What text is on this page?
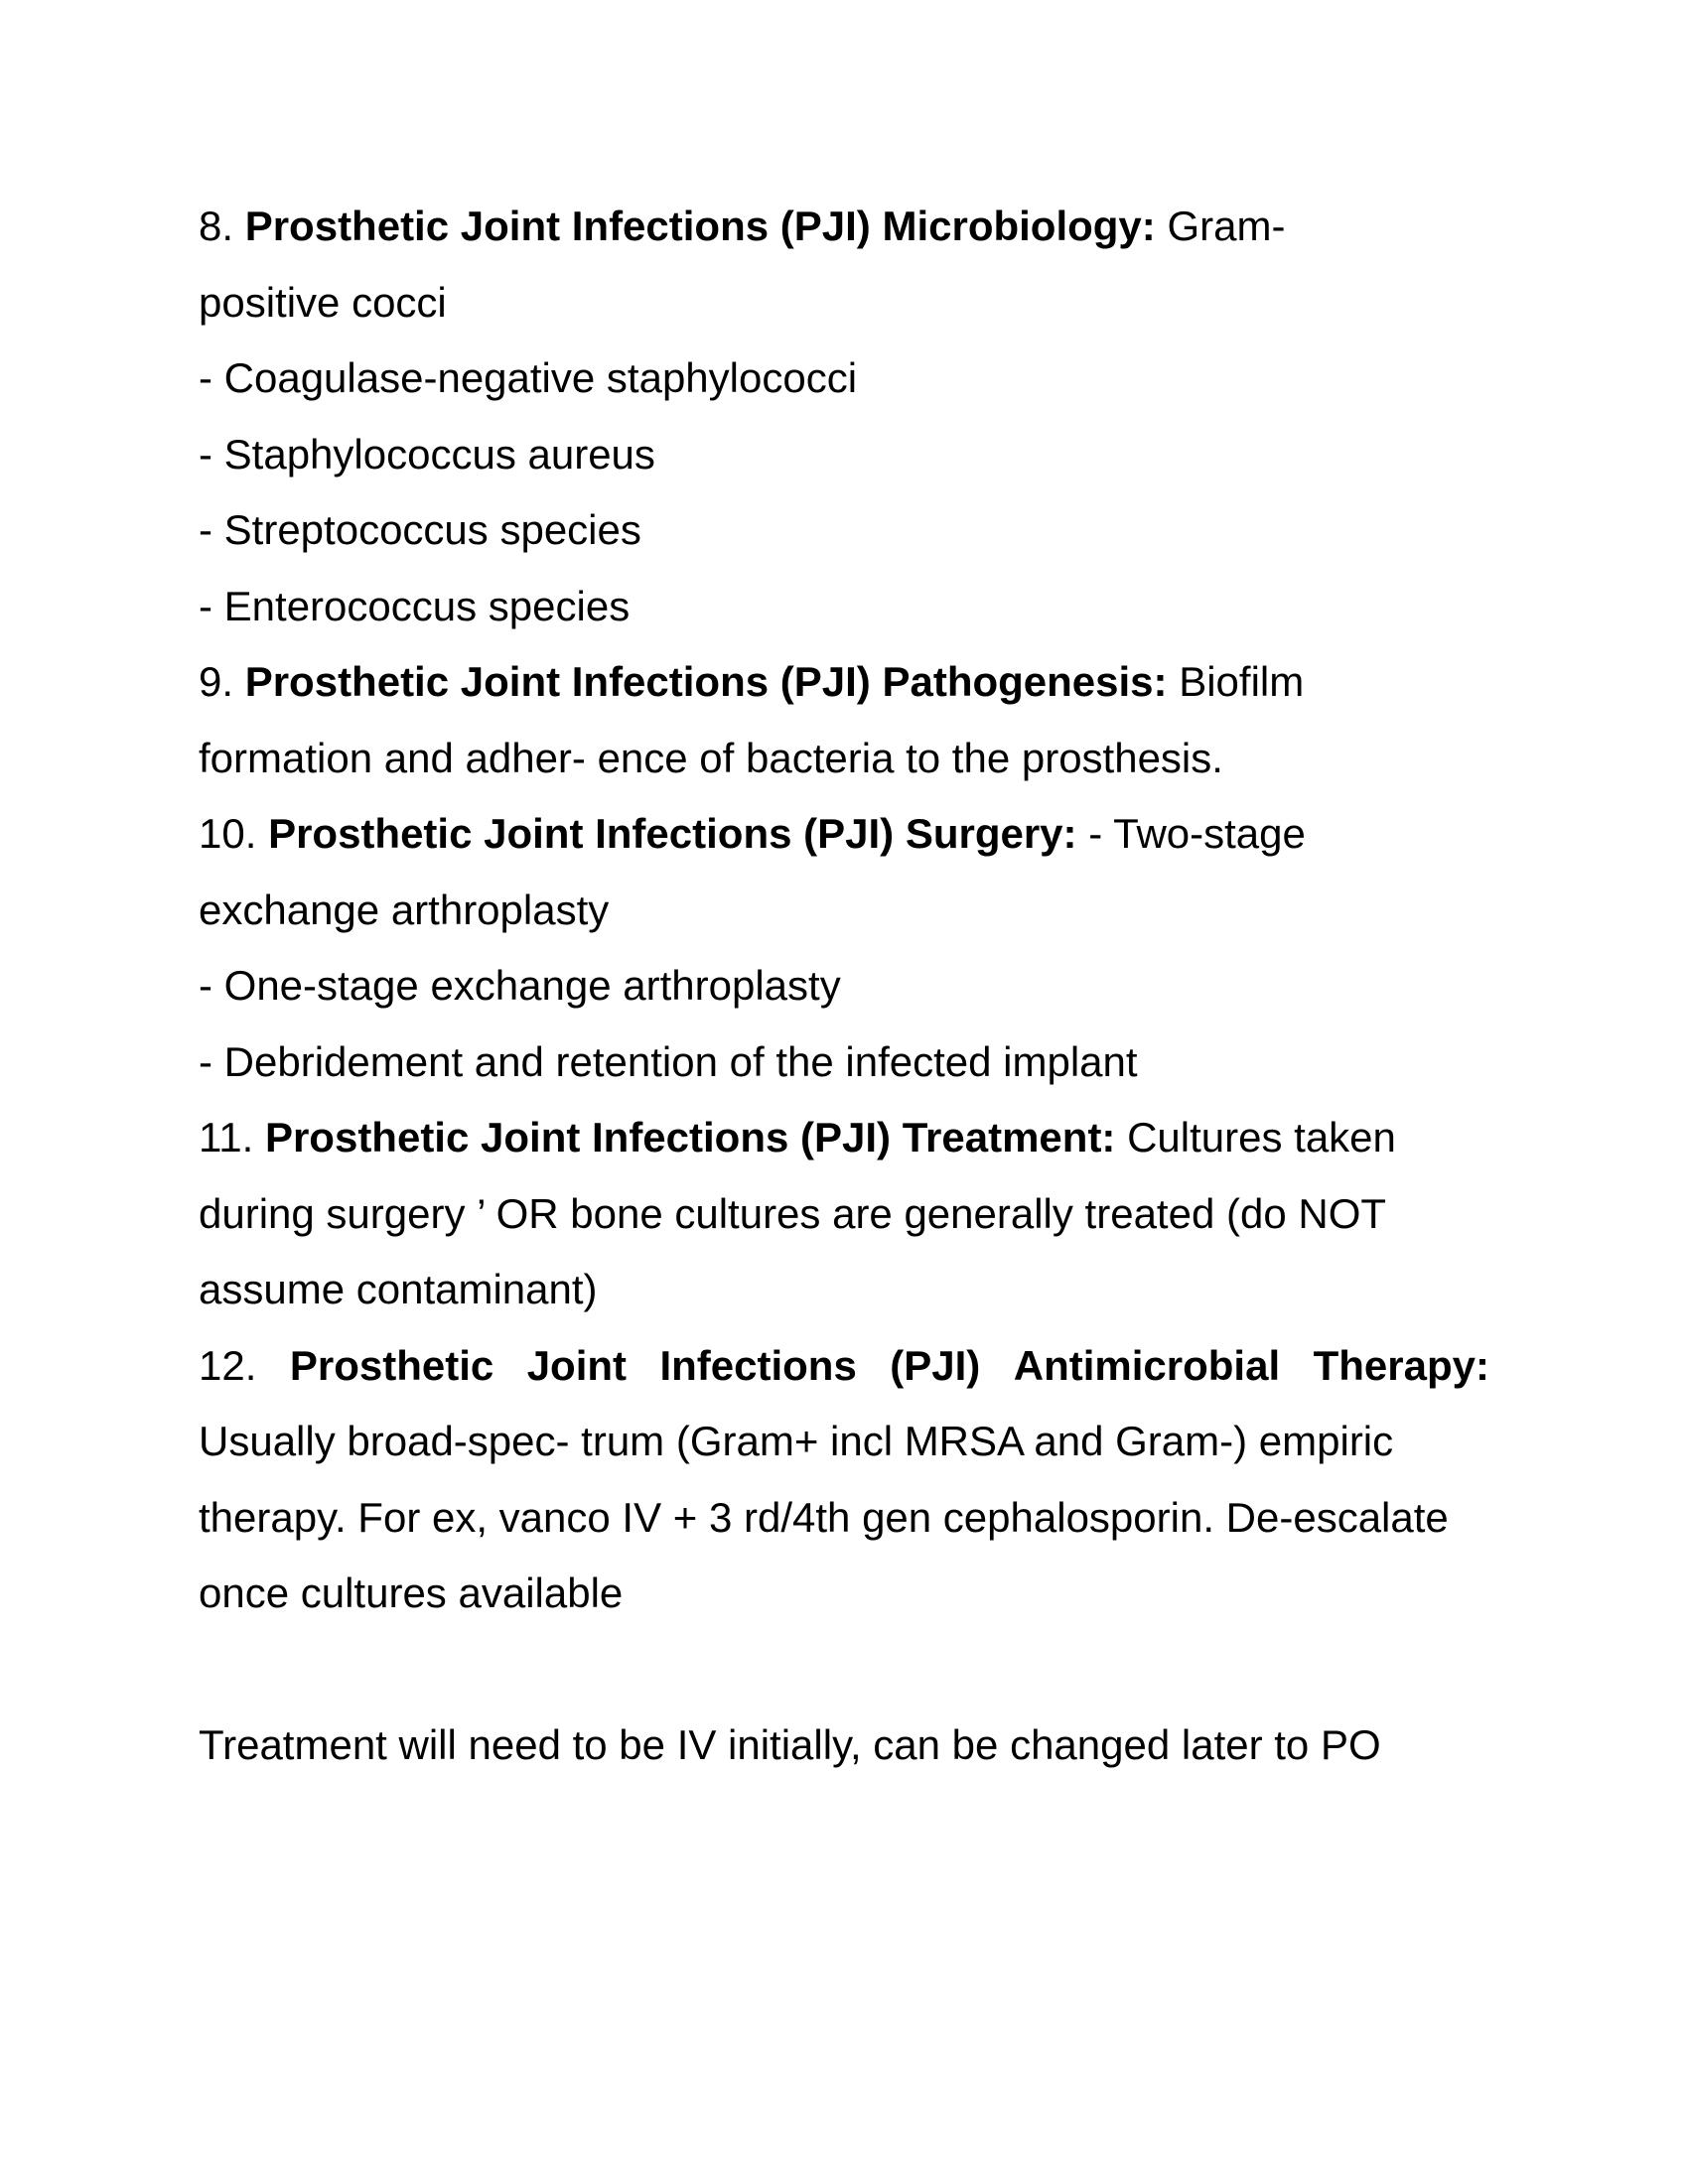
8. Prosthetic Joint Infections (PJI) Microbiology: Gram-
positive cocci
- Coagulase-negative staphylococci
- Staphylococcus aureus
- Streptococcus species
- Enterococcus species
9. Prosthetic Joint Infections (PJI) Pathogenesis: Biofilm
formation and adher- ence of bacteria to the prosthesis.
10. Prosthetic Joint Infections (PJI) Surgery: - Two-stage
exchange arthroplasty
- One-stage exchange arthroplasty
- Debridement and retention of the infected implant
11. Prosthetic Joint Infections (PJI) Treatment: Cultures taken
during surgery ’ OR bone cultures are generally treated (do NOT
assume contaminant)
12. Prosthetic Joint Infections (PJI) Antimicrobial Therapy:
Usually broad-spec- trum (Gram+ incl MRSA and Gram-) empiric
therapy. For ex, vanco IV + 3 rd/4th gen cephalosporin. De-escalate
once cultures available
Treatment will need to be IV initially, can be changed later to PO
